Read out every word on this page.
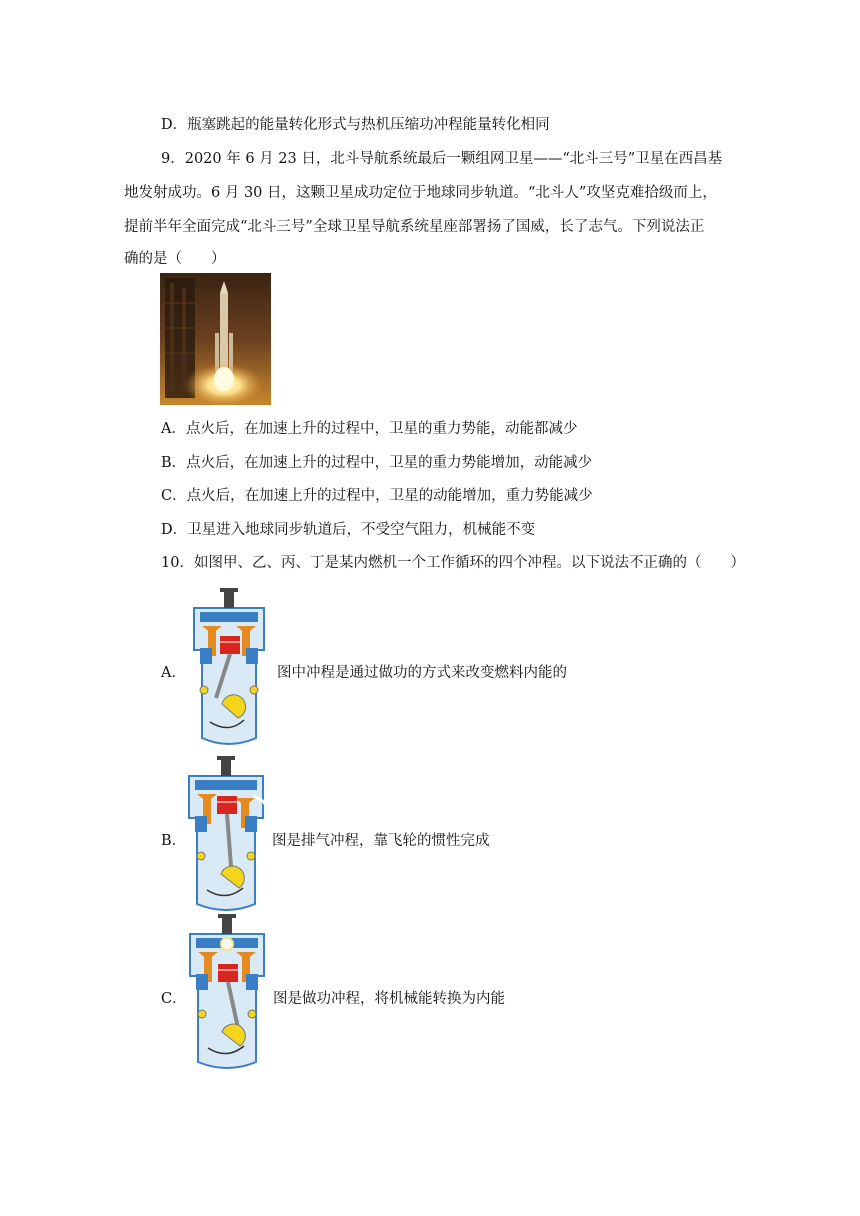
D．瓶塞跳起的能量转化形式与热机压缩功冲程能量转化相同
9．2020 年 6 月 23 日，北斗导航系统最后一颗组网卫星——“北斗三号”卫星在西昌基
地发射成功。6 月 30 日，这颗卫星成功定位于地球同步轨道。“北斗人”攻坚克难拾级而上，
提前半年全面完成“北斗三号”全球卫星导航系统星座部署扬了国威，长了志气。下列说法正
确的是（　　）
A．点火后，在加速上升的过程中，卫星的重力势能，动能都减少
B．点火后，在加速上升的过程中，卫星的重力势能增加，动能减少
C．点火后，在加速上升的过程中，卫星的动能增加，重力势能减少
D．卫星进入地球同步轨道后，不受空气阻力，机械能不变
10．如图甲、乙、丙、丁是某内燃机一个工作循环的四个冲程。以下说法不正确的（　　）
A．	图中冲程是通过做功的方式来改变燃料内能的
B．	图是排气冲程，靠飞轮的惯性完成
C．	图是做功冲程，将机械能转换为内能
